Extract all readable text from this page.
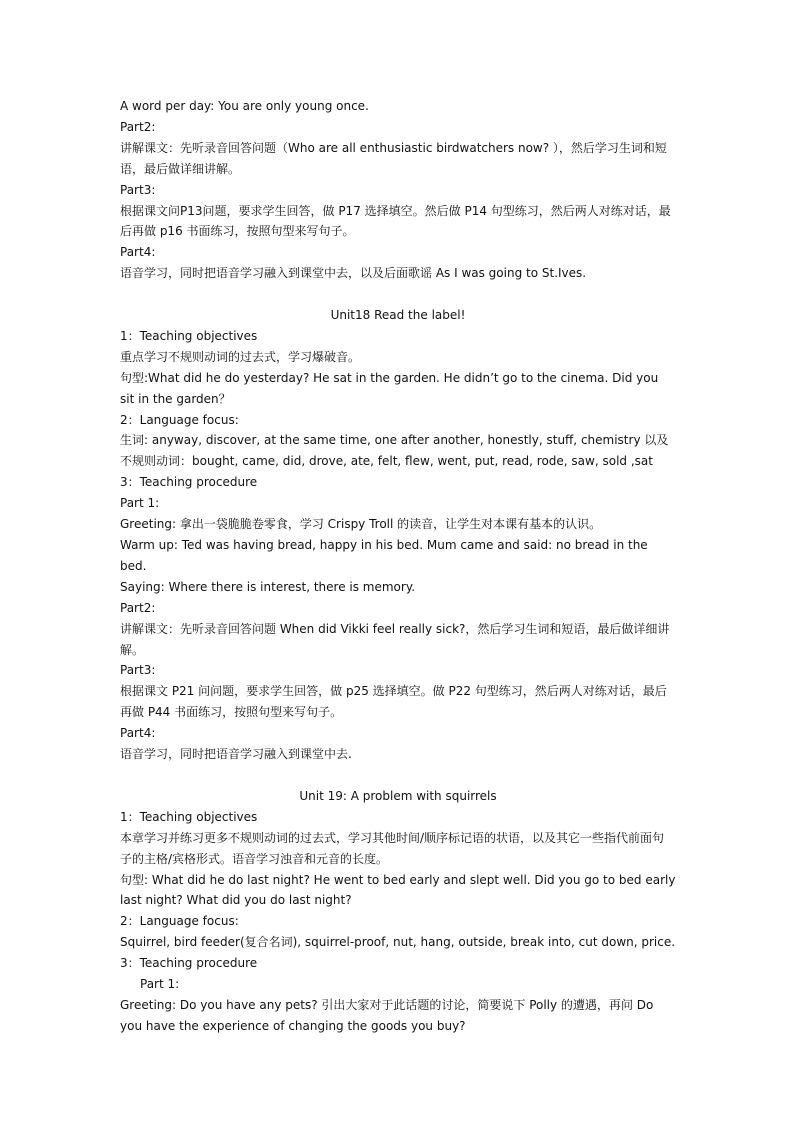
A word per day: You are only young once.
Part2:
讲解课文：先听录音回答问题（Who are all enthusiastic birdwatchers now? ），然后学习生词和短语，最后做详细讲解。
Part3:
根据课文问P13问题，要求学生回答，做 P17 选择填空。然后做 P14 句型练习，然后两人对练对话，最后再做 p16 书面练习，按照句型来写句子。
Part4:
语音学习，同时把语音学习融入到课堂中去，以及后面歌谣 As I was going to St.Ives.
Unit18 Read the label!
1：Teaching objectives
重点学习不规则动词的过去式，学习爆破音。
句型:What did he do yesterday? He sat in the garden. He didn’t go to the cinema. Did you sit in the garden？
2：Language focus:
生词: anyway, discover, at the same time, one after another, honestly, stuff, chemistry 以及不规则动词：bought, came, did, drove, ate, felt, flew, went, put, read, rode, saw, sold ,sat
3：Teaching procedure
Part 1:
Greeting: 拿出一袋脆脆卷零食，学习 Crispy Troll 的读音，让学生对本课有基本的认识。
Warm up: Ted was having bread, happy in his bed. Mum came and said: no bread in the bed.
Saying: Where there is interest, there is memory.
Part2:
讲解课文：先听录音回答问题 When did Vikki feel really sick?，然后学习生词和短语，最后做详细讲解。
Part3:
根据课文 P21 问问题，要求学生回答，做 p25 选择填空。做 P22 句型练习，然后两人对练对话，最后再做 P44 书面练习，按照句型来写句子。
Part4:
语音学习，同时把语音学习融入到课堂中去.
Unit 19: A problem with squirrels
1：Teaching objectives
本章学习并练习更多不规则动词的过去式，学习其他时间/顺序标记语的状语，以及其它一些指代前面句子的主格/宾格形式。语音学习浊音和元音的长度。
句型: What did he do last night? He went to bed early and slept well. Did you go to bed early last night? What did you do last night?
2：Language focus:
Squirrel, bird feeder(复合名词), squirrel-proof, nut, hang, outside, break into, cut down, price.
3：Teaching procedure
Part 1:
Greeting: Do you have any pets? 引出大家对于此话题的讨论，简要说下 Polly 的遭遇，再问 Do you have the experience of changing the goods you buy?
